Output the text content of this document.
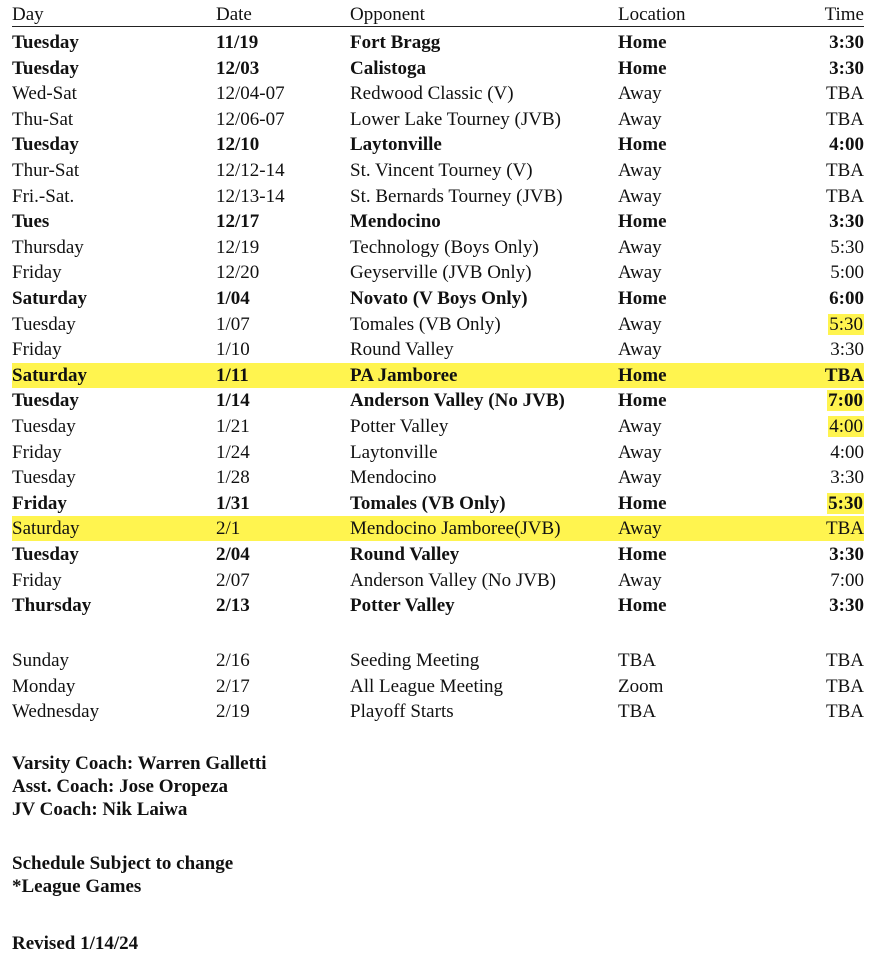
Day	Date	Opponent	Location	Time
Tuesday	11/19	Fort Bragg	Home	3:30
Tuesday	12/03	Calistoga	Home	3:30
Wed-Sat	12/04-07	Redwood Classic (V)	Away	TBA
Thu-Sat	12/06-07	Lower Lake Tourney (JVB)	Away	TBA
Tuesday	12/10	Laytonville	Home	4:00
Thur-Sat	12/12-14	St. Vincent Tourney (V)	Away	TBA
Fri.-Sat.	12/13-14	St. Bernards Tourney (JVB)	Away	TBA
Tues	12/17	Mendocino	Home	3:30
Thursday	12/19	Technology (Boys Only)	Away	5:30
Friday	12/20	Geyserville (JVB Only)	Away	5:00
Saturday	1/04	Novato (V Boys Only)	Home	6:00
Tuesday	1/07	Tomales (VB Only)	Away	5:30
Friday	1/10	Round Valley	Away	3:30
Saturday	1/11	PA Jamboree	Home	TBA
Tuesday	1/14	Anderson Valley (No JVB)	Home	7:00
Tuesday	1/21	Potter Valley	Away	4:00
Friday	1/24	Laytonville	Away	4:00
Tuesday	1/28	Mendocino	Away	3:30
Friday	1/31	Tomales (VB Only)	Home	5:30
Saturday	2/1	Mendocino Jamboree(JVB)	Away	TBA
Tuesday	2/04	Round Valley	Home	3:30
Friday	2/07	Anderson Valley (No JVB)	Away	7:00
Thursday	2/13	Potter Valley	Home	3:30
Sunday	2/16	Seeding Meeting	TBA	TBA
Monday	2/17	All League Meeting	Zoom	TBA
Wednesday	2/19	Playoff Starts	TBA	TBA
Varsity Coach: Warren Galletti
Asst. Coach: Jose Oropeza
JV Coach: Nik Laiwa
Schedule Subject to change
*League Games
Revised 1/14/24
